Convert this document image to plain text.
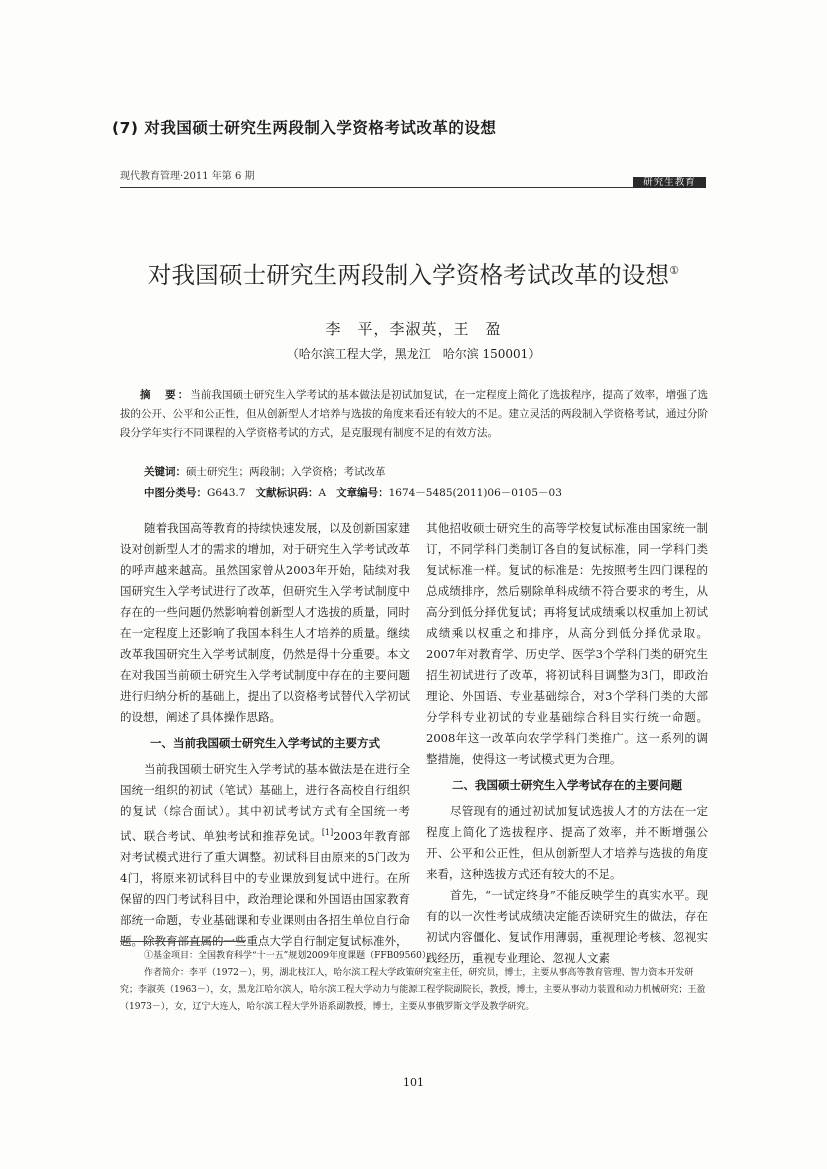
(7) 对我国硕士研究生两段制入学资格考试改革的设想
现代教育管理·2011 年第 6 期
研究生教育
对我国硕士研究生两段制入学资格考试改革的设想①
李　平，李淑英，王　盈
（哈尔滨工程大学，黑龙江　哈尔滨 150001）
摘　要：当前我国硕士研究生入学考试的基本做法是初试加复试，在一定程度上简化了选拔程序，提高了效率，增强了选拔的公开、公平和公正性，但从创新型人才培养与选拔的角度来看还有较大的不足。建立灵活的两段制入学资格考试，通过分阶段分学年实行不同课程的入学资格考试的方式，是克服现有制度不足的有效方法。
关键词：硕士研究生；两段制；入学资格；考试改革
中图分类号：G643.7 文献标识码：A 文章编号：1674－5485(2011)06－0105－03

随着我国高等教育的持续快速发展，以及创新国家建设对创新型人才的需求的增加，对于研究生入学考试改革的呼声越来越高。虽然国家曾从2003年开始，陆续对我国研究生入学考试进行了改革，但研究生入学考试制度中存在的一些问题仍然影响着创新型人才选拔的质量，同时在一定程度上还影响了我国本科生人才培养的质量。继续改革我国研究生入学考试制度，仍然是得十分重要。本文在对我国当前硕士研究生入学考试制度中存在的主要问题进行归纳分析的基础上，提出了以资格考试替代入学初试的设想，阐述了具体操作思路。

一、当前我国硕士研究生入学考试的主要方式

当前我国硕士研究生入学考试的基本做法是在进行全国统一组织的初试（笔试）基础上，进行各高校自行组织的复试（综合面试）。其中初试考试方式有全国统一考试、联合考试、单独考试和推荐免试。[1]2003年教育部对考试模式进行了重大调整。初试科目由原来的5门改为4门，将原来初试科目中的专业课放到复试中进行。在所保留的四门考试科目中，政治理论课和外国语由国家教育部统一命题，专业基础课和专业课则由各招生单位自行命题。除教育部直属的一些重点大学自行制定复试标准外，

其他招收硕士研究生的高等学校复试标准由国家统一制订，不同学科门类制订各自的复试标准，同一学科门类复试标准一样。复试的标准是：先按照考生四门课程的总成绩排序，然后剔除单科成绩不符合要求的考生，从高分到低分择优复试；再将复试成绩乘以权重加上初试成绩乘以权重之和排序，从高分到低分择优录取。2007年对教育学、历史学、医学3个学科门类的研究生招生初试进行了改革，将初试科目调整为3门，即政治理论、外国语、专业基础综合，对3个学科门类的大部分学科专业初试的专业基础综合科目实行统一命题。2008年这一改革向农学学科门类推广。这一系列的调整措施，使得这一考试模式更为合理。

二、我国硕士研究生入学考试存在的主要问题

尽管现有的通过初试加复试选拔人才的方法在一定程度上简化了选拔程序、提高了效率，并不断增强公开、公平和公正性，但从创新型人才培养与选拔的角度来看，这种选拔方式还有较大的不足。

首先，“一试定终身”不能反映学生的真实水平。现有的以一次性考试成绩决定能否读研究生的做法，存在初试内容僵化、复试作用薄弱，重视理论考核、忽视实践经历，重视专业理论、忽视人文素

①基金项目：全国教育科学“十一五”规划2009年度课题（FFB09560）。

作者简介：李平（1972－），男，湖北枝江人，哈尔滨工程大学政策研究室主任，研究员，博士，主要从事高等教育管理、智力资本开发研究；李淑英（1963－），女，黑龙江哈尔滨人，哈尔滨工程大学动力与能源工程学院副院长，教授，博士，主要从事动力装置和动力机械研究；王盈（1973－），女，辽宁大连人，哈尔滨工程大学外语系副教授，博士，主要从事俄罗斯文学及教学研究。

101
